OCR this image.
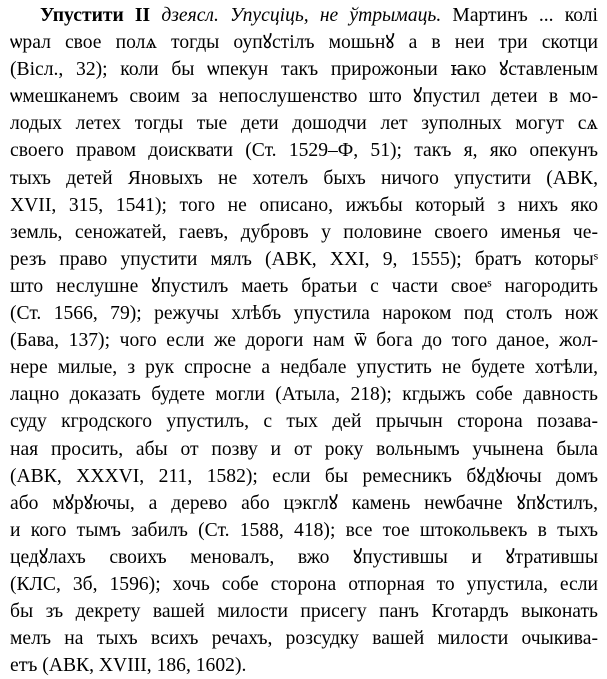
Упустити II дзеясл. Упусціць, не ўтрымаць. Мартинъ ... колі
ѡрал свое полѧ тогды оупꙋстілъ мошьнꙋ а в неи три скотци
(Вісл., 32); коли бы ѡпекун такъ прирожоныи ꙗко ꙋставленым
ѡмешканемъ своим за непослушенство што ꙋпустил детеи в мо-
лодых летех тогды тые дети дошодчи лет зуполных могут сѧ
своего правом доисквати (Ст. 1529–Ф, 51); такъ я, яко опекунъ
тыхъ детей Яновыхъ не хотелъ быхъ ничого упустити (АВК,
XVII, 315, 1541); того не описано, ижъбы который з нихъ яко
земль, сеножатей, гаевъ, дубровъ у половине своего именья че-
резъ право упустити мялъ (АВК, XXI, 9, 1555); братъ которыˢ
што неслушне ꙋпустилъ маеть братьи с части своеˢ нагородить
(Ст. 1566, 79); режучы хлѣбъ упустила нароком под столъ нож
(Бава, 137); чого если же дороги нам ѿ бога до того даное, жол-
нере милые, з рук спросне а недбале упустить не будете хотѣли,
лацно доказать будете могли (Атыла, 218); кгдыжъ собе давность
суду кгродского упустилъ, с тых дей прычын сторона позава-
ная просить, абы от позву и от року вольнымъ учынена была
(АВК, XXXVI, 211, 1582); если бы ремесникъ бꙋдꙋючы домъ
або мꙋрꙋючы, а дерево або цэкглꙋ камень неѡбачне ꙋпꙋстилъ,
и кого тымъ забилъ (Ст. 1588, 418); все тое штокольвекъ в тыхъ
цедꙋлахъ своихъ меновалъ, вжо ꙋпустившы и ꙋтратившы
(КЛС, 3б, 1596); хочь собе сторона отпорная то упустила, если
бы зъ декрету вашей милости присегу панъ Кготардъ выконать
мелъ на тыхъ всихъ речахъ, розсудку вашей милости очыкива-
етъ (АВК, XVIII, 186, 1602).
